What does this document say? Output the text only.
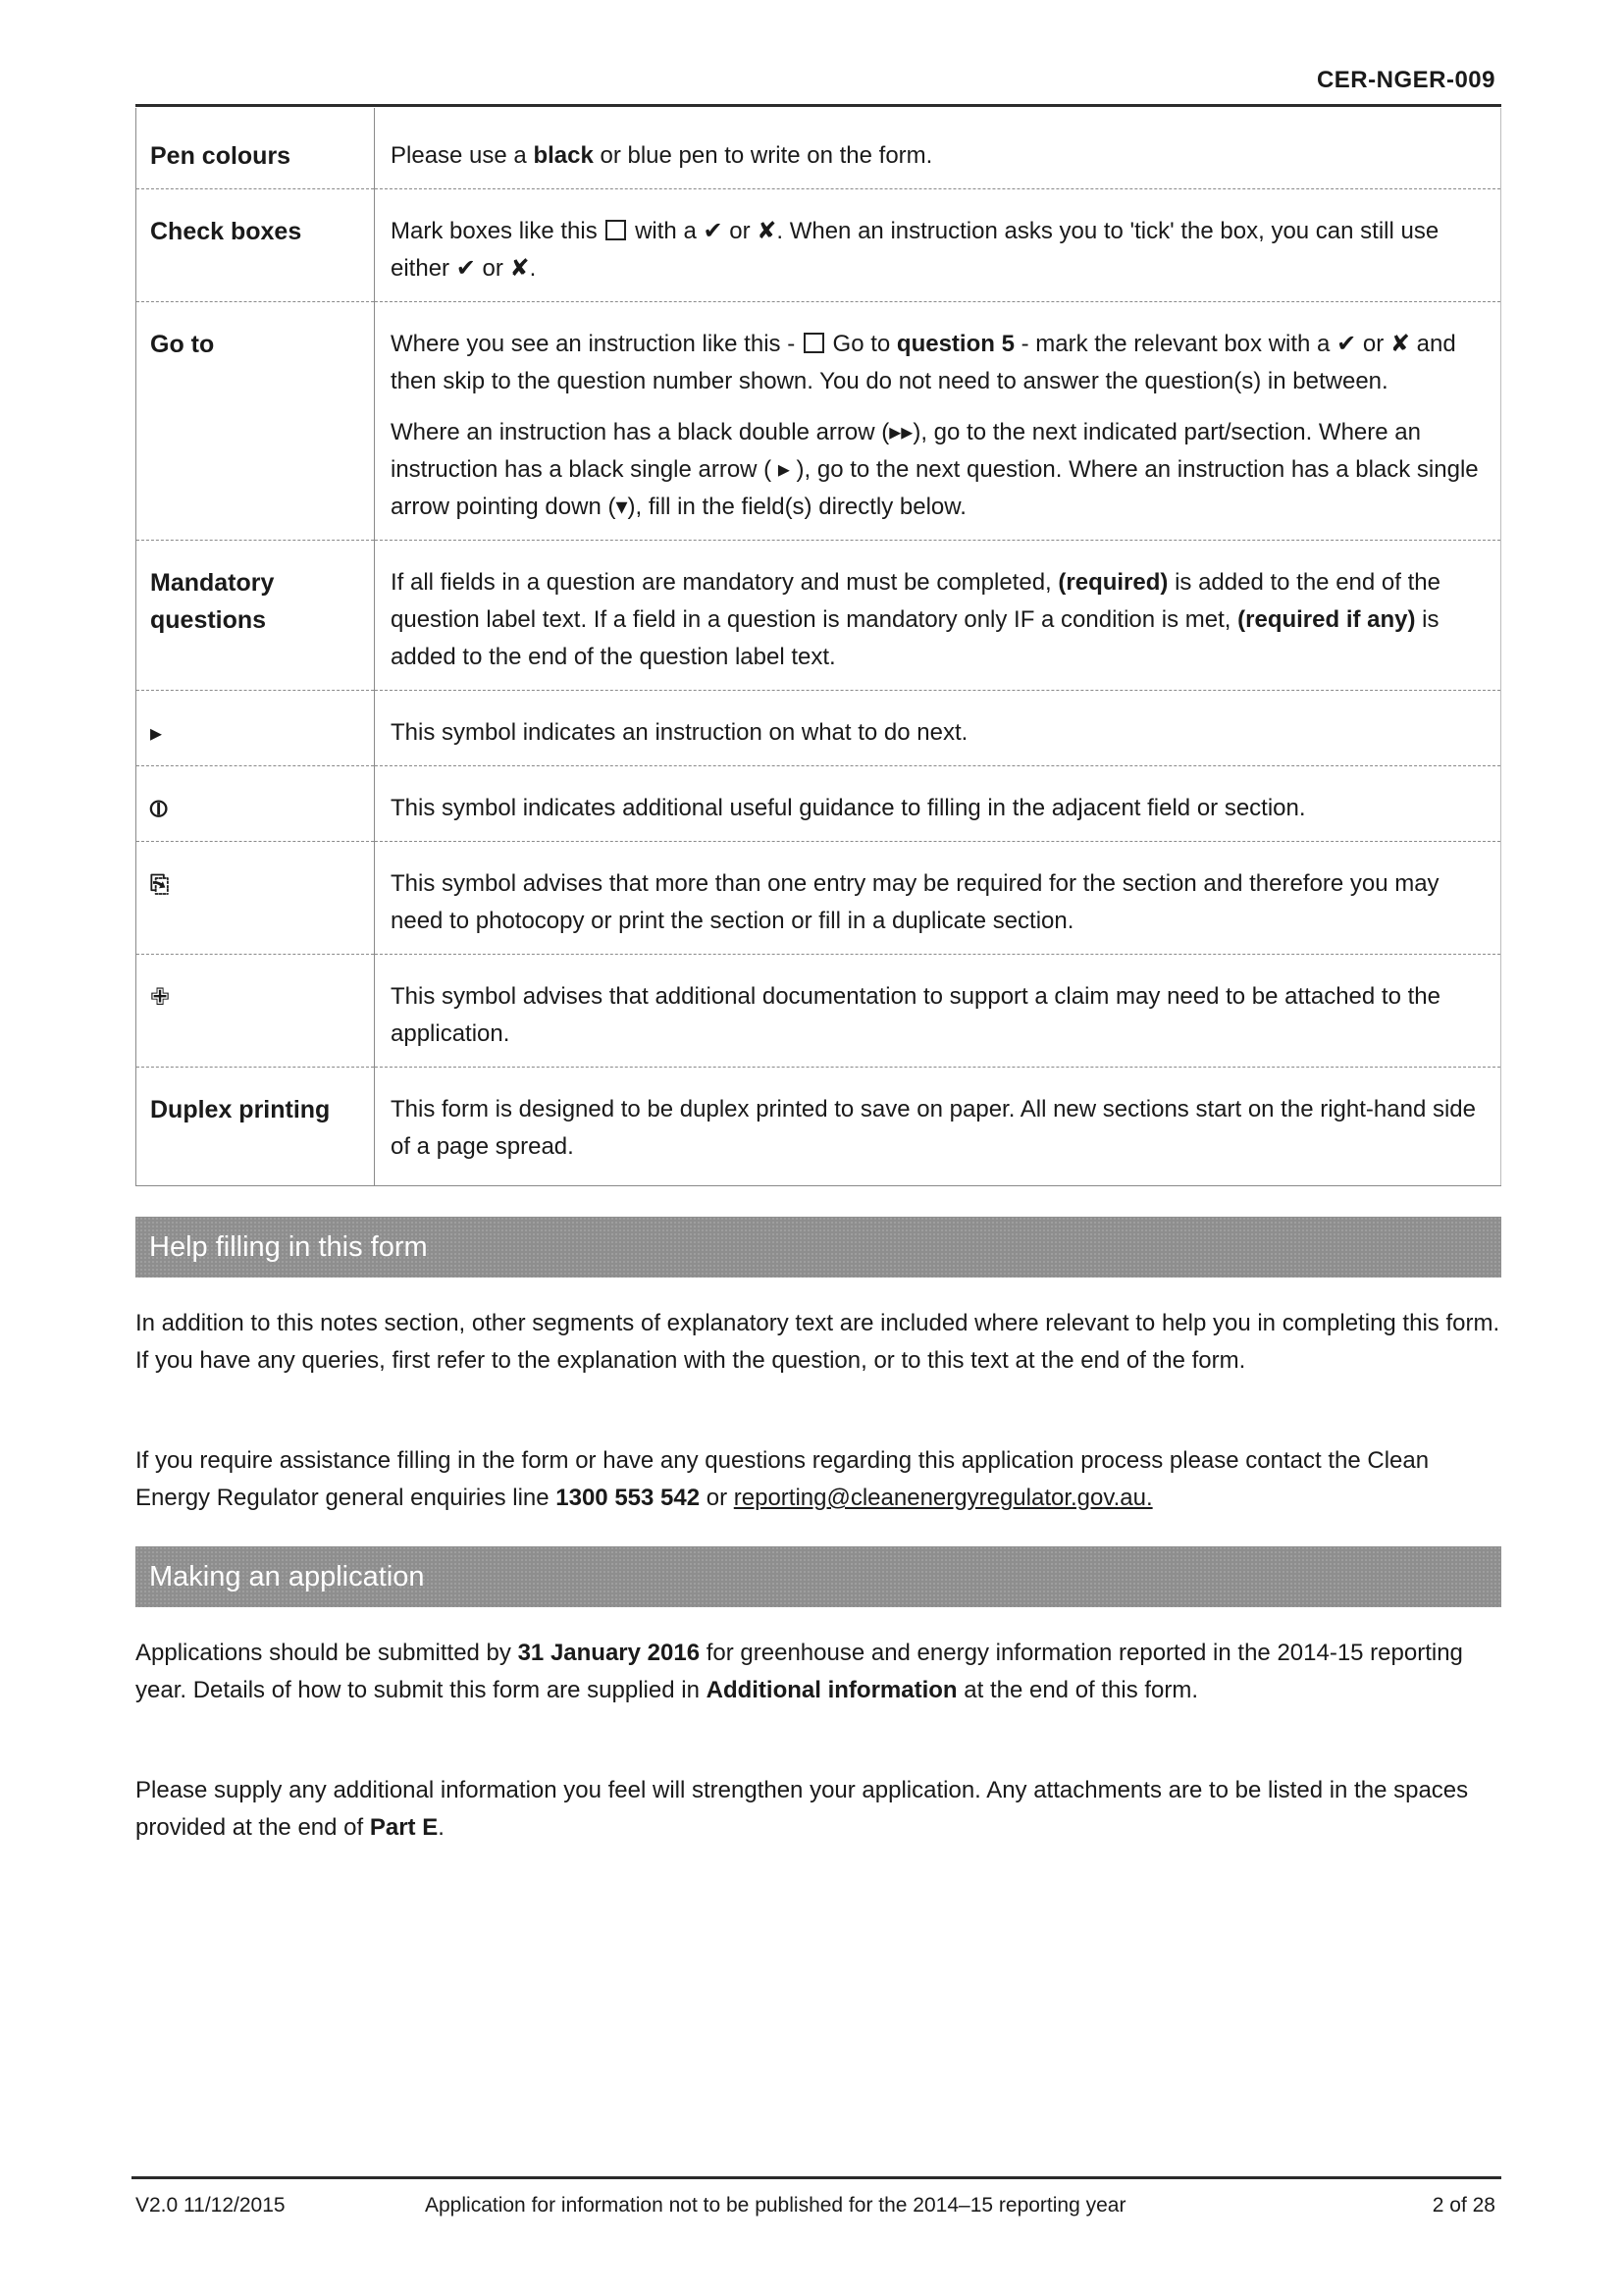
CER-NGER-009
Pen colours	Please use a black or blue pen to write on the form.
Check boxes	Mark boxes like this with a ✔ or ✘. When an instruction asks you to 'tick' the box, you can still use either ✔ or ✘.
Go to	Where you see an instruction like this - Go to question 5 - mark the relevant box with a ✔ or ✘ and then skip to the question number shown. You do not need to answer the question(s) in between.

Where an instruction has a black double arrow (▸▸), go to the next indicated part/section. Where an instruction has a black single arrow ( ▸ ), go to the next question. Where an instruction has a black single arrow pointing down (▾), fill in the field(s) directly below.

Mandatory questions	If all fields in a question are mandatory and must be completed, (required) is added to the end of the question label text. If a field in a question is mandatory only IF a condition is met, (required if any) is added to the end of the question label text.
▸	This symbol indicates an instruction on what to do next.
⦶	This symbol indicates additional useful guidance to filling in the adjacent field or section.
⎘	This symbol advises that more than one entry may be required for the section and therefore you may need to photocopy or print the section or fill in a duplicate section.
✙	This symbol advises that additional documentation to support a claim may need to be attached to the application.
Duplex printing	This form is designed to be duplex printed to save on paper. All new sections start on the right-hand side of a page spread.
Help filling in this form

In addition to this notes section, other segments of explanatory text are included where relevant to help you in completing this form. If you have any queries, first refer to the explanation with the question, or to this text at the end of the form.

If you require assistance filling in the form or have any questions regarding this application process please contact the Clean Energy Regulator general enquiries line 1300 553 542 or reporting@cleanenergyregulator.gov.au.

Making an application

Applications should be submitted by 31 January 2016 for greenhouse and energy information reported in the 2014-15 reporting year. Details of how to submit this form are supplied in Additional information at the end of this form.

Please supply any additional information you feel will strengthen your application. Any attachments are to be listed in the spaces provided at the end of Part E.

V2.0 11/12/2015	Application for information not to be published for the 2014–15 reporting year	2 of 28
